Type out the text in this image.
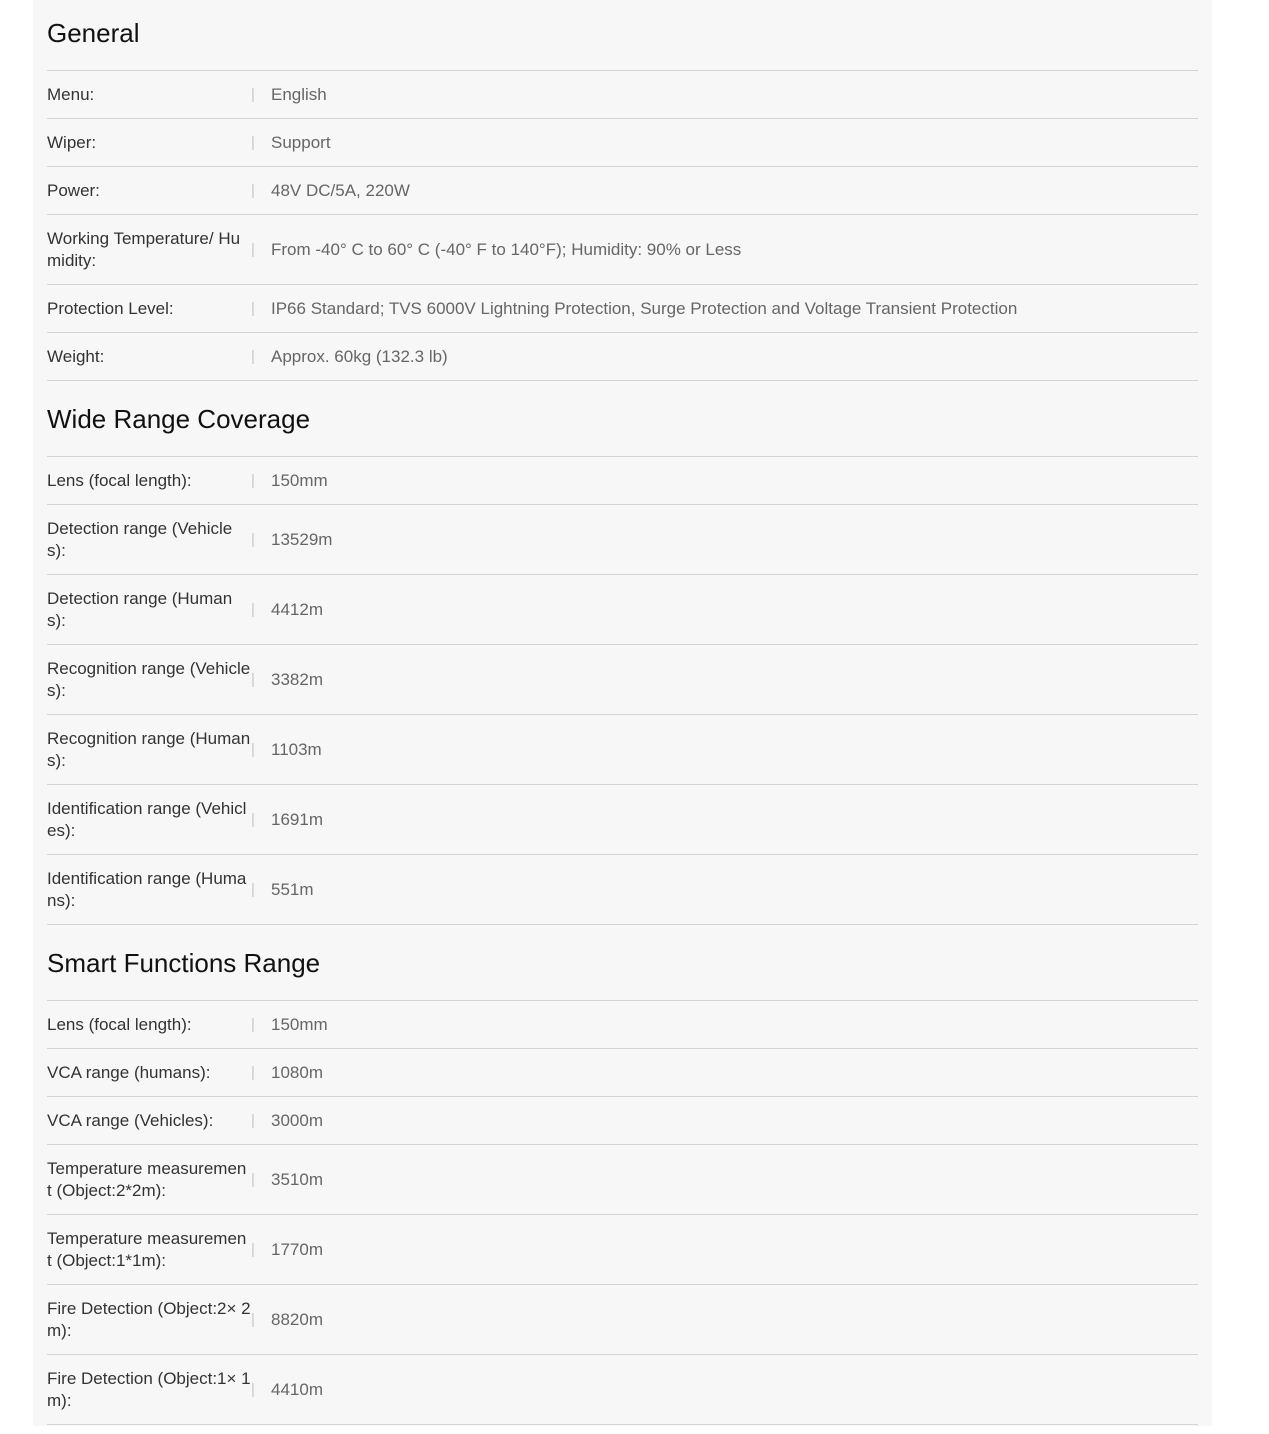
General
Menu:	| English
Wiper:	| Support
Power:	| 48V DC/5A, 220W
Working Temperature/ Humidity:
| From -40° C to 60° C (-40° F to 140°F); Humidity: 90% or Less
Protection Level:	| IP66 Standard; TVS 6000V Lightning Protection, Surge Protection and Voltage Transient Protection
Weight:	| Approx. 60kg (132.3 lb)
Wide Range Coverage
Lens (focal length):	| 150mm
Detection range (Vehicles):
| 13529m
Detection range (Humans):
| 4412m
Recognition range (Vehicles):
| 3382m
Recognition range (Humans):
| 1103m
Identification range (Vehicles):
| 1691m
Identification range (Humans):
| 551m
Smart Functions Range
Lens (focal length):	| 150mm
VCA range (humans):	| 1080m
VCA range (Vehicles):	| 3000m
Temperature measurement (Object:2*2m):
| 3510m
Temperature measurement (Object:1*1m):
| 1770m
Fire Detection (Object:2× 2 m):
| 8820m
Fire Detection (Object:1× 1 m):
| 4410m
